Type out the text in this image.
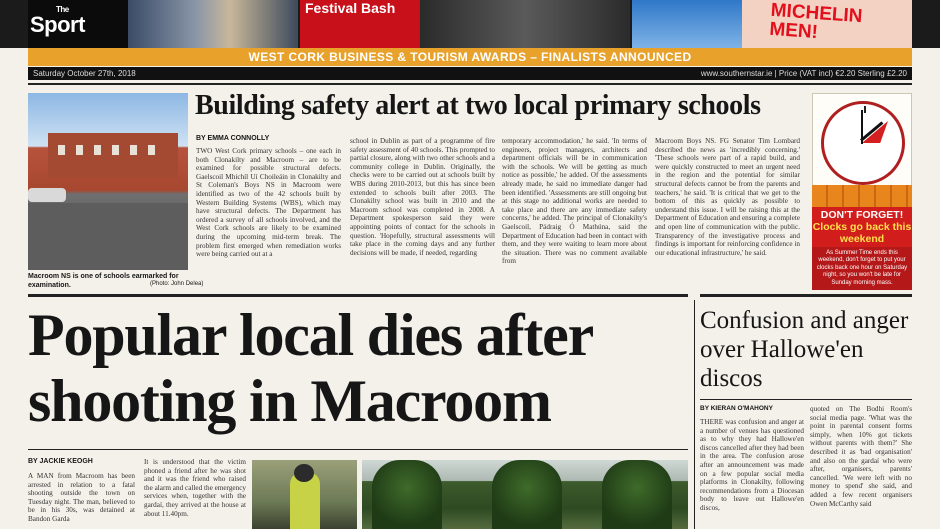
The
Sport
Festival Bash	MICHELIN
MEN!
WEST CORK BUSINESS & TOURISM AWARDS – FINALISTS ANNOUNCED
Saturday October 27th, 2018	www.southernstar.ie | Price (VAT incl) €2.20 Sterling £2.20
Macroom NS is one of schools earmarked for examination.	(Photo: John Delea)
Building safety alert at two local primary schools
BY EMMA CONNOLLY
TWO West Cork primary schools – one each in both Clonakilty and Macroom – are to be examined for possible structural defects. Gaelscoil Mhichíl Uí Choileáin in Clonakilty and St Coleman's Boys NS in Macroom were identified as two of the 42 schools built by Western Building Systems (WBS), which may have structural defects. The Department has ordered a survey of all schools involved, and the West Cork schools are likely to be examined during the upcoming mid-term break. The problem first emerged when remediation works were being carried out at a
school in Dublin as part of a programme of fire safety assessment of 40 schools. This prompted to partial closure, along with two other schools and a community college in Dublin. Originally, the checks were to be carried out at schools built by WBS during 2010-2013, but this has since been extended to schools built after 2003. The Clonakilty school was built in 2010 and the Macroom school was completed in 2008. A Department spokesperson said they were appointing points of contact for the schools in question. 'Hopefully, structural assessments will take place in the coming days and any further decisions will be made, if needed, regarding
temporary accommodation,' he said. 'In terms of engineers, project managers, architects and department officials will be in communication with the schools. We will be getting as much notice as possible,' he added. Of the assessments already made, he said no immediate danger had been identified. 'Assessments are still ongoing but at this stage no additional works are needed to take place and there are any immediate safety concerns,' he added. The principal of Clonakilty's Gaelscoil, Pádraig Ó Mathúna, said the Department of Education had been in contact with them, and they were waiting to learn more about the situation. There was no comment available from
Macroom Boys NS. FG Senator Tim Lombard described the news as 'incredibly concerning.' 'These schools were part of a rapid build, and were quickly constructed to meet an urgent need in the region and the potential for similar structural defects cannot be from the parents and teachers,' he said. 'It is critical that we get to the bottom of this as quickly as possible to understand this issue. I will be raising this at the Department of Education and ensuring a complete and open line of communication with the public. Transparency of the investigative process and findings is important for reinforcing confidence in our educational infrastructure,' he said.
DON'T FORGET!
Clocks go back this weekend
As Summer Time ends this weekend, don't forget to put your clocks back one hour on Saturday night, so you won't be late for Sunday morning mass.
Popular local dies after shooting in Macroom
BY JACKIE KEOGH
A MAN from Macroom has been arrested in relation to a fatal shooting outside the town on Tuesday night. The man, believed to be in his 30s, was detained at Bandon Garda
It is understood that the victim phoned a friend after he was shot and it was the friend who raised the alarm and called the emergency services when, together with the gardaí, they arrived at the house at about 11.40pm.
Confusion and anger over Hallowe'en discos
BY KIERAN O'MAHONY
THERE was confusion and anger at a number of venues has questioned as to why they had Hallowe'en discos cancelled after they had been in the area. The confusion arose after an announcement was made on a few popular social media platforms in Clonakilty, following recommendations from a Diocesan body to leave out Hallowe'en discos,
quoted on The Bodhi Room's social media page. 'What was the point in parental consent forms simply, when 10% got tickets without parents with them?' She described it as 'bad organisation' and also on the gardaí who were after, organisers, parents' cancelled. 'We were left with no money to spend' she said, and added a few recent organisers Owen McCarthy said
